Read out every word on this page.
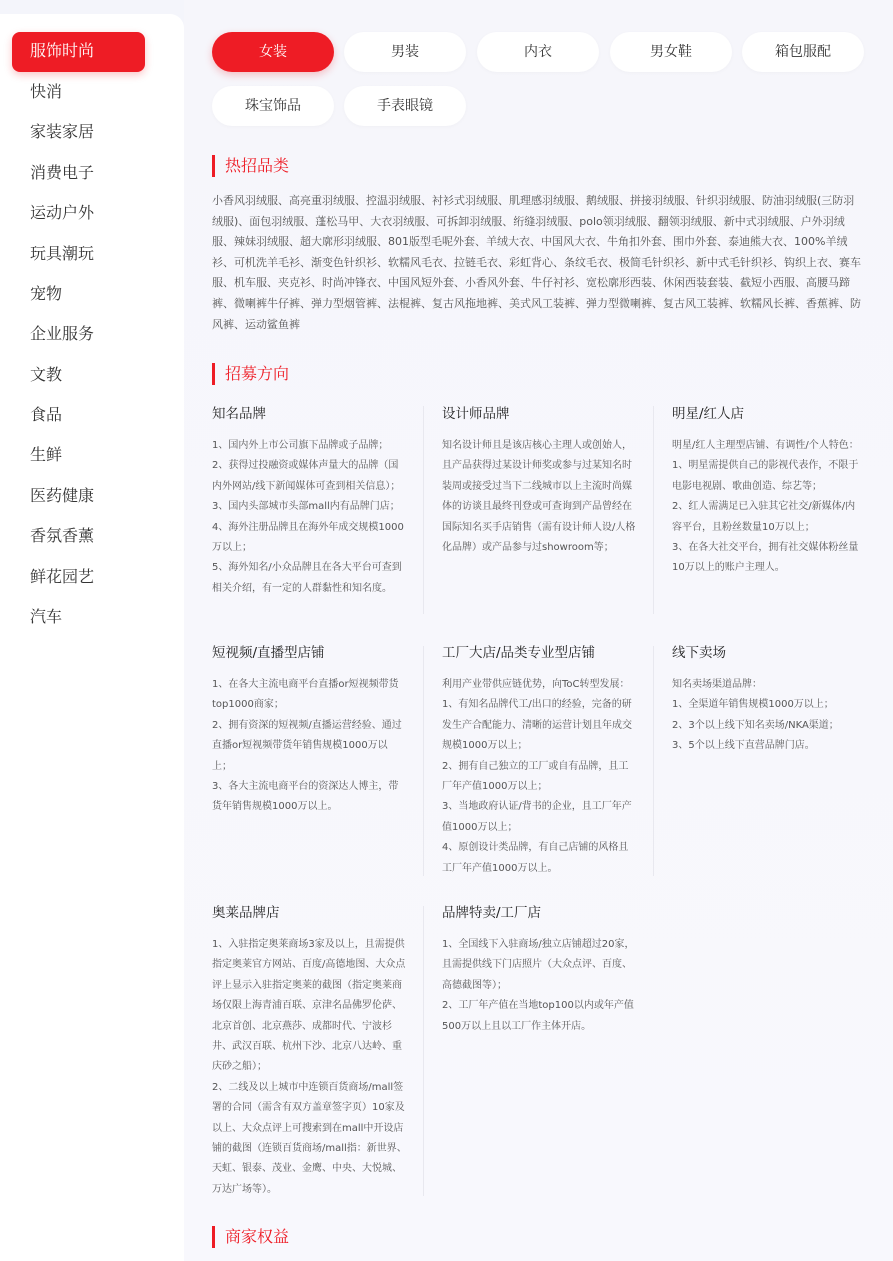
服饰时尚
快消
家装家居
消费电子
运动户外
玩具潮玩
宠物
企业服务
文教
食品
生鲜
医药健康
香氛香薰
鲜花园艺
汽车
女装	男装	内衣	男女鞋	箱包服配
珠宝饰品	手表眼镜
热招品类
小香风羽绒服、高亮重羽绒服、控温羽绒服、衬衫式羽绒服、肌理感羽绒服、鹅绒服、拼接羽绒服、针织羽绒服、防油羽绒服(三防羽绒服)、面包羽绒服、蓬松马甲、大衣羽绒服、可拆卸羽绒服、绗缝羽绒服、polo领羽绒服、翻领羽绒服、新中式羽绒服、户外羽绒服、辣妹羽绒服、超大廓形羽绒服、801版型毛呢外套、羊绒大衣、中国风大衣、牛角扣外套、围巾外套、泰迪熊大衣、100%羊绒衫、可机洗羊毛衫、渐变色针织衫、软糯风毛衣、拉链毛衣、彩虹背心、条纹毛衣、极简毛针织衫、新中式毛针织衫、钩织上衣、赛车服、机车服、夹克衫、时尚冲锋衣、中国风短外套、小香风外套、牛仔衬衫、宽松廓形西装、休闲西装套装、截短小西服、高腰马蹄裤、微喇裤牛仔裤、弹力型烟管裤、法棍裤、复古风拖地裤、美式风工装裤、弹力型微喇裤、复古风工装裤、软糯风长裤、香蕉裤、防风裤、运动鲨鱼裤
招募方向
知名品牌
1、国内外上市公司旗下品牌或子品牌；
2、获得过投融资或媒体声量大的品牌（国内外网站/线下新闻媒体可查到相关信息）；
3、国内头部城市头部mall内有品牌门店；
4、海外注册品牌且在海外年成交规模1000万以上；
5、海外知名/小众品牌且在各大平台可查到相关介绍，有一定的人群黏性和知名度。
设计师品牌
知名设计师且是该店核心主理人或创始人，且产品获得过某设计师奖或参与过某知名时装周或接受过当下二线城市以上主流时尚媒体的访谈且最终刊登或可查询到产品曾经在国际知名买手店销售（需有设计师人设/人格化品牌）或产品参与过showroom等；
明星/红人店
明星/红人主理型店铺、有调性/个人特色：
1、明星需提供自己的影视代表作，不限于电影电视剧、歌曲创造、综艺等；
2、红人需满足已入驻其它社交/新媒体/内容平台，且粉丝数量10万以上；
3、在各大社交平台，拥有社交媒体粉丝量10万以上的账户主理人。
短视频/直播型店铺
1、在各大主流电商平台直播or短视频带货top1000商家；
2、拥有资深的短视频/直播运营经验、通过直播or短视频带货年销售规模1000万以上；
3、各大主流电商平台的资深达人博主，带货年销售规模1000万以上。
工厂大店/品类专业型店铺
利用产业带供应链优势，向ToC转型发展：
1、有知名品牌代工/出口的经验，完备的研发生产合配能力、清晰的运营计划且年成交规模1000万以上；
2、拥有自己独立的工厂或自有品牌，且工厂年产值1000万以上；
3、当地政府认证/背书的企业，且工厂年产值1000万以上；
4、原创设计类品牌，有自己店铺的风格且工厂年产值1000万以上。
线下卖场
知名卖场渠道品牌：
1、全渠道年销售规模1000万以上；
2、3个以上线下知名卖场/NKA渠道；
3、5个以上线下直营品牌门店。
奥莱品牌店
1、入驻指定奥莱商场3家及以上，且需提供指定奥莱官方网站、百度/高德地图、大众点评上显示入驻指定奥莱的截图（指定奥莱商场仅限上海青浦百联、京津名品佛罗伦萨、北京首创、北京燕莎、成都时代、宁波杉井、武汉百联、杭州下沙、北京八达岭、重庆砂之船）；
2、二线及以上城市中连锁百货商场/mall签署的合同（需含有双方盖章签字页）10家及以上、大众点评上可搜索到在mall中开设店铺的截图（连锁百货商场/mall指：新世界、天虹、银泰、茂业、金鹰、中央、大悦城、万达广场等）。
品牌特卖/工厂店
1、全国线下入驻商场/独立店铺超过20家，且需提供线下门店照片（大众点评、百度、高德截图等）；
2、工厂年产值在当地top100以内或年产值500万以上且以工厂作主体开店。
商家权益
